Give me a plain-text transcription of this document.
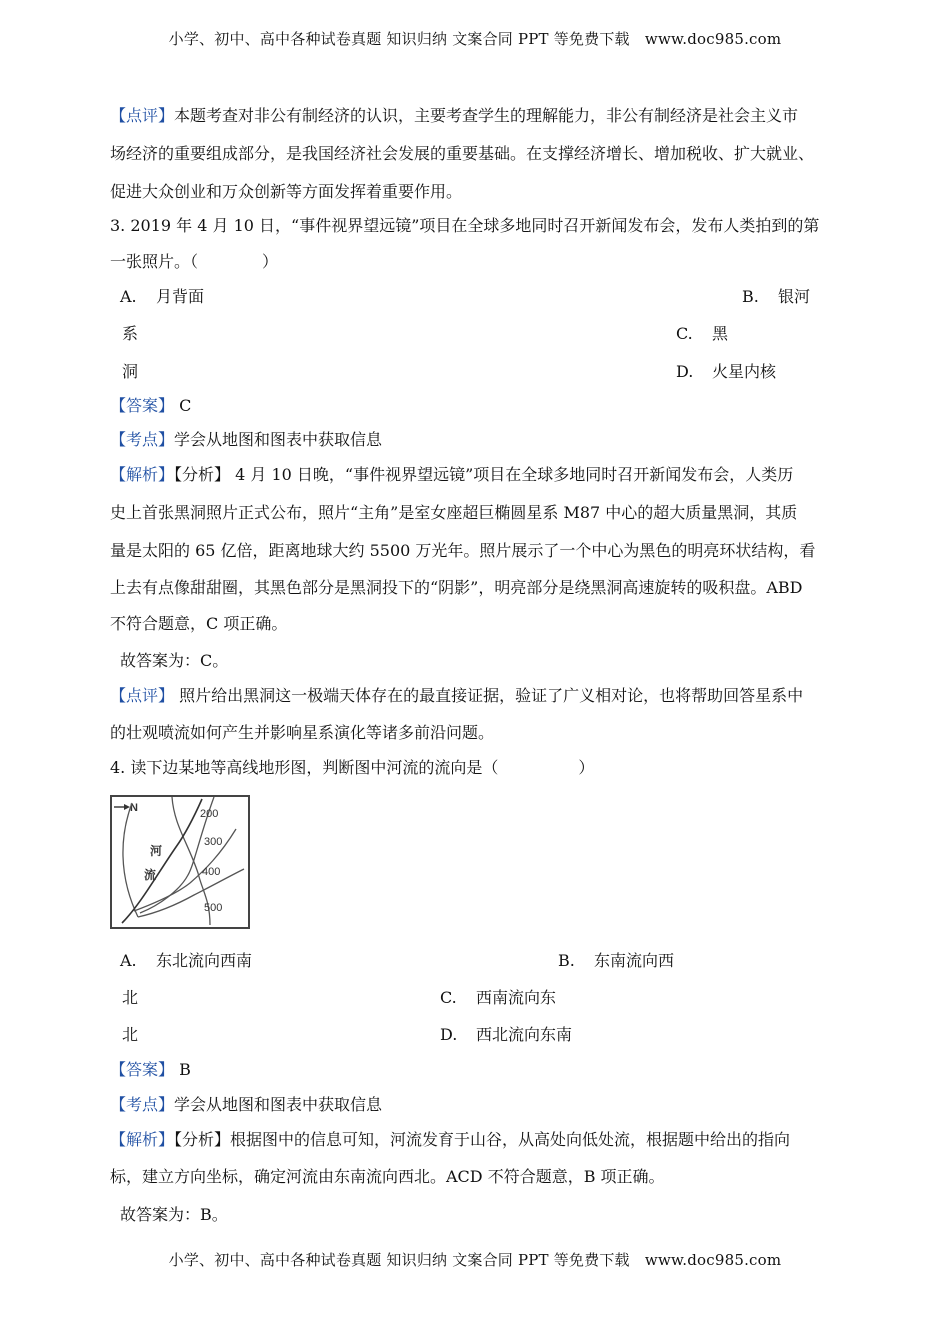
小学、初中、高中各种试卷真题 知识归纳 文案合同 PPT 等免费下载　www.doc985.com
【点评】本题考查对非公有制经济的认识，主要考查学生的理解能力，非公有制经济是社会主义市
场经济的重要组成部分，是我国经济社会发展的重要基础。在支撑经济增长、增加税收、扩大就业、
促进大众创业和万众创新等方面发挥着重要作用。
3. 2019 年 4 月 10 日，“事件视界望远镜”项目在全球多地同时召开新闻发布会，发布人类拍到的第
一张照片。（　　　　）
A. 月背面	B. 银河
系	C. 黑
洞	D. 火星内核
【答案】 C
【考点】学会从地图和图表中获取信息
【解析】【分析】 4 月 10 日晚，“事件视界望远镜”项目在全球多地同时召开新闻发布会，人类历
史上首张黑洞照片正式公布，照片“主角”是室女座超巨椭圆星系 M87 中心的超大质量黑洞，其质
量是太阳的 65 亿倍，距离地球大约 5500 万光年。照片展示了一个中心为黑色的明亮环状结构，看
上去有点像甜甜圈，其黑色部分是黑洞投下的“阴影”，明亮部分是绕黑洞高速旋转的吸积盘。ABD
不符合题意，C 项正确。
故答案为：C。
【点评】 照片给出黑洞这一极端天体存在的最直接证据，验证了广义相对论，也将帮助回答星系中
的壮观喷流如何产生并影响星系演化等诸多前沿问题。
4. 读下边某地等高线地形图，判断图中河流的流向是（　　　　　）
N	200
300
400
500
河
流
A. 东北流向西南	B. 东南流向西
北	C. 西南流向东
北	D. 西北流向东南
【答案】 B
【考点】学会从地图和图表中获取信息
【解析】【分析】根据图中的信息可知，河流发育于山谷，从高处向低处流，根据题中给出的指向
标，建立方向坐标，确定河流由东南流向西北。ACD 不符合题意，B 项正确。
故答案为：B。
小学、初中、高中各种试卷真题 知识归纳 文案合同 PPT 等免费下载　www.doc985.com
